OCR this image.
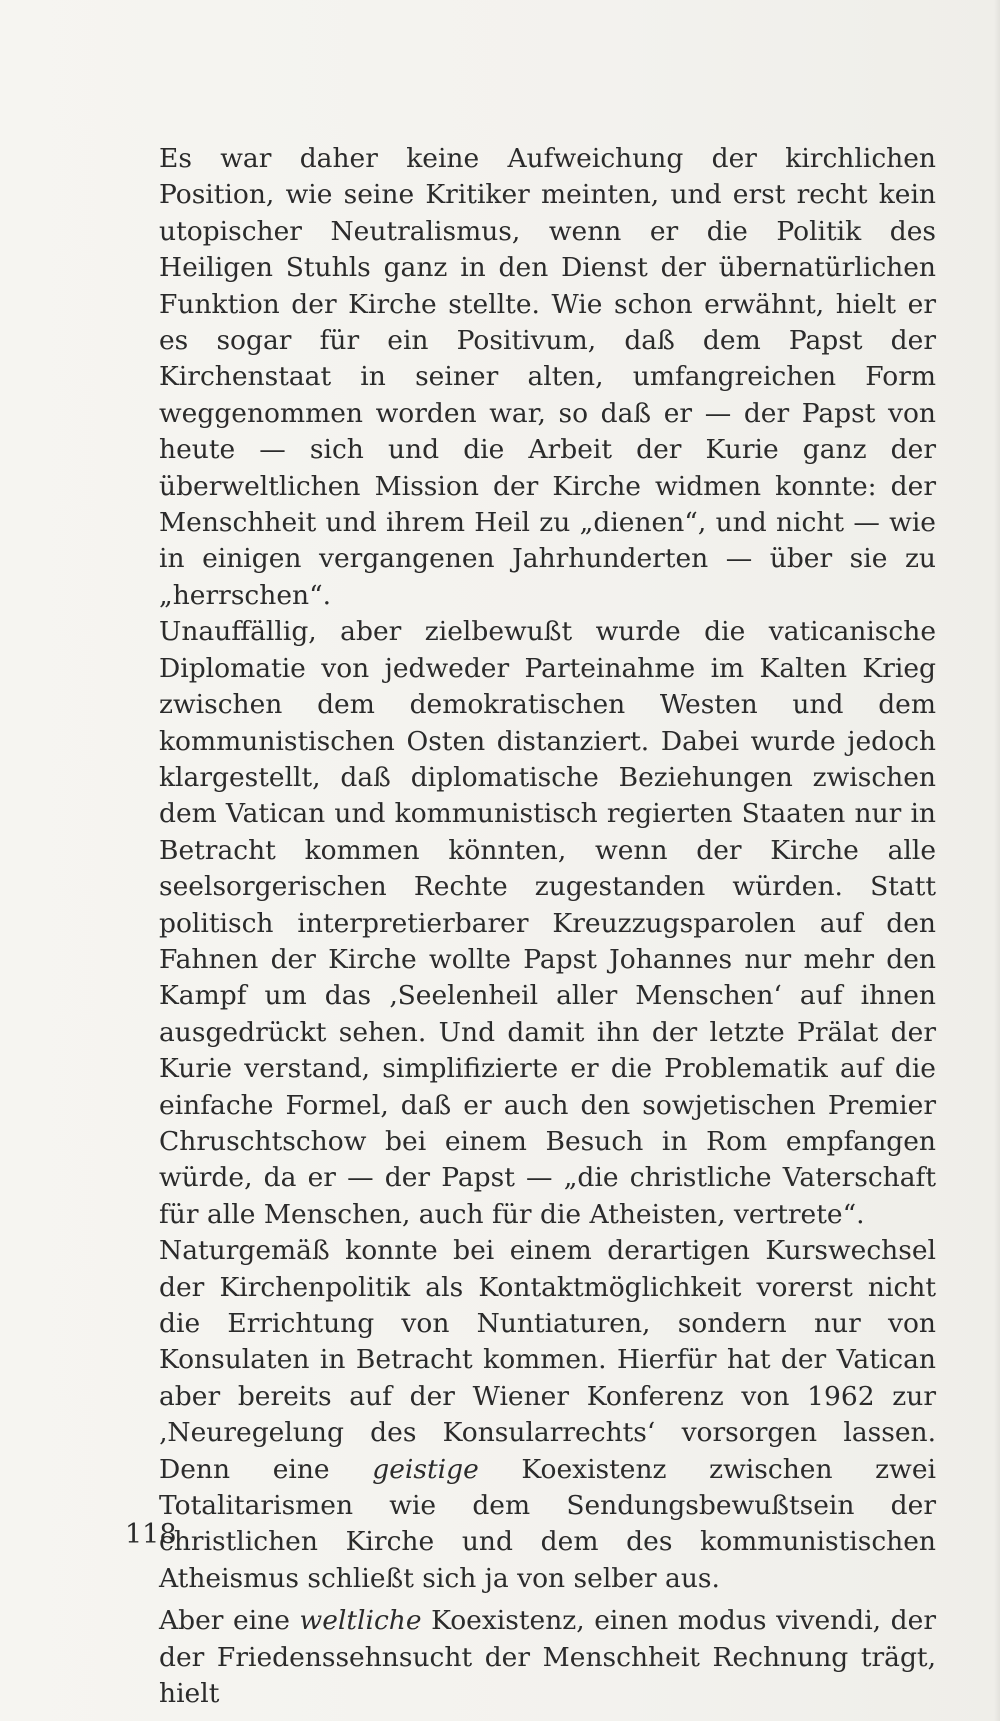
Es war daher keine Aufweichung der kirchlichen Position, wie seine Kritiker meinten, und erst recht kein utopischer Neutralismus, wenn er die Politik des Heiligen Stuhls ganz in den Dienst der übernatürlichen Funktion der Kirche stellte. Wie schon erwähnt, hielt er es sogar für ein Positivum, daß dem Papst der Kirchenstaat in seiner alten, umfangreichen Form weggenommen worden war, so daß er — der Papst von heute — sich und die Arbeit der Kurie ganz der überweltlichen Mission der Kirche widmen konnte: der Menschheit und ihrem Heil zu „dienen“, und nicht — wie in einigen vergangenen Jahrhunderten — über sie zu „herrschen“.

Unauffällig, aber zielbewußt wurde die vaticanische Diplomatie von jedweder Parteinahme im Kalten Krieg zwischen dem demokratischen Westen und dem kommunistischen Osten distanziert. Dabei wurde jedoch klargestellt, daß diplomatische Beziehungen zwischen dem Vatican und kommunistisch regierten Staaten nur in Betracht kommen könnten, wenn der Kirche alle seelsorgerischen Rechte zugestanden würden. Statt politisch interpretierbarer Kreuzzugsparolen auf den Fahnen der Kirche wollte Papst Johannes nur mehr den Kampf um das ‚Seelenheil aller Menschen‘ auf ihnen ausgedrückt sehen. Und damit ihn der letzte Prälat der Kurie verstand, simplifizierte er die Problematik auf die einfache Formel, daß er auch den sowjetischen Premier Chruschtschow bei einem Besuch in Rom empfangen würde, da er — der Papst — „die christliche Vaterschaft für alle Menschen, auch für die Atheisten, vertrete“.

Naturgemäß konnte bei einem derartigen Kurswechsel der Kirchenpolitik als Kontaktmöglichkeit vorerst nicht die Errichtung von Nuntiaturen, sondern nur von Konsulaten in Betracht kommen. Hierfür hat der Vatican aber bereits auf der Wiener Konferenz von 1962 zur ‚Neuregelung des Konsularrechts‘ vorsorgen lassen. Denn eine geistige Koexistenz zwischen zwei Totalitarismen wie dem Sendungsbewußtsein der christlichen Kirche und dem des kommunistischen Atheismus schließt sich ja von selber aus.

Aber eine weltliche Koexistenz, einen modus vivendi, der der Friedenssehnsucht der Menschheit Rechnung trägt, hielt

118
